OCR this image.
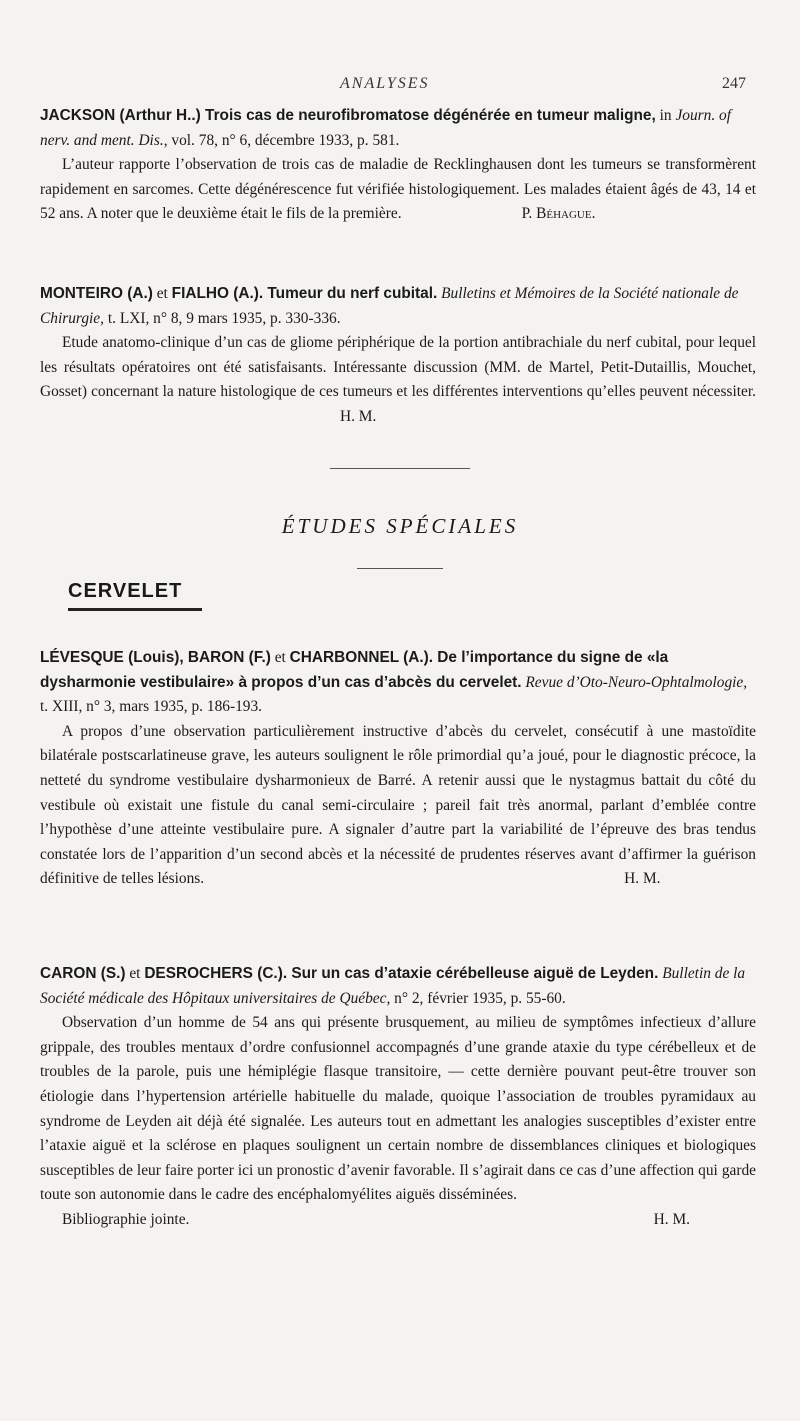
ANALYSES	247
JACKSON (Arthur H..) Trois cas de neurofibromatose dégénérée en tumeur maligne, in Journ. of nerv. and ment. Dis., vol. 78, n° 6, décembre 1933, p. 581.

L’auteur rapporte l’observation de trois cas de maladie de Recklinghausen dont les tumeurs se transformèrent rapidement en sarcomes. Cette dégénérescence fut vérifiée histologiquement. Les malades étaient âgés de 43, 14 et 52 ans. A noter que le deuxième était le fils de la première.	P. Béhague.

MONTEIRO (A.) et FIALHO (A.). Tumeur du nerf cubital. Bulletins et Mémoires de la Société nationale de Chirurgie, t. LXI, n° 8, 9 mars 1935, p. 330-336.

Etude anatomo-clinique d’un cas de gliome périphérique de la portion antibrachiale du nerf cubital, pour lequel les résultats opératoires ont été satisfaisants. Intéressante discussion (MM. de Martel, Petit-Dutaillis, Mouchet, Gosset) concernant la nature histologique de ces tumeurs et les différentes interventions qu’elles peuvent nécessiter.H. M.

ÉTUDES SPÉCIALES
CERVELET
LÉVESQUE (Louis), BARON (F.) et CHARBONNEL (A.). De l’importance du signe de «la dysharmonie vestibulaire» à propos d’un cas d’abcès du cervelet. Revue d’Oto-Neuro-Ophtalmologie, t. XIII, n° 3, mars 1935, p. 186-193.

A propos d’une observation particulièrement instructive d’abcès du cervelet, consécutif à une mastoïdite bilatérale postscarlatineuse grave, les auteurs soulignent le rôle primordial qu’a joué, pour le diagnostic précoce, la netteté du syndrome vestibulaire dysharmonieux de Barré. A retenir aussi que le nystagmus battait du côté du vestibule où existait une fistule du canal semi-circulaire ; pareil fait très anormal, parlant d’emblée contre l’hypothèse d’une atteinte vestibulaire pure. A signaler d’autre part la variabilité de l’épreuve des bras tendus constatée lors de l’apparition d’un second abcès et la nécessité de prudentes réserves avant d’affirmer la guérison définitive de telles lésions.	H. M.

CARON (S.) et DESROCHERS (C.). Sur un cas d’ataxie cérébelleuse aiguë de Leyden. Bulletin de la Société médicale des Hôpitaux universitaires de Québec, n° 2, février 1935, p. 55-60.

Observation d’un homme de 54 ans qui présente brusquement, au milieu de symptômes infectieux d’allure grippale, des troubles mentaux d’ordre confusionnel accompagnés d’une grande ataxie du type cérébelleux et de troubles de la parole, puis une hémiplégie flasque transitoire, — cette dernière pouvant peut-être trouver son étiologie dans l’hypertension artérielle habituelle du malade, quoique l’association de troubles pyramidaux au syndrome de Leyden ait déjà été signalée. Les auteurs tout en admettant les analogies susceptibles d’exister entre l’ataxie aiguë et la sclérose en plaques soulignent un certain nombre de dissemblances cliniques et biologiques susceptibles de leur faire porter ici un pronostic d’avenir favorable. Il s’agirait dans ce cas d’une affection qui garde toute son autonomie dans le cadre des encéphalomyélites aiguës disséminées.

Bibliographie jointe.	H. M.
